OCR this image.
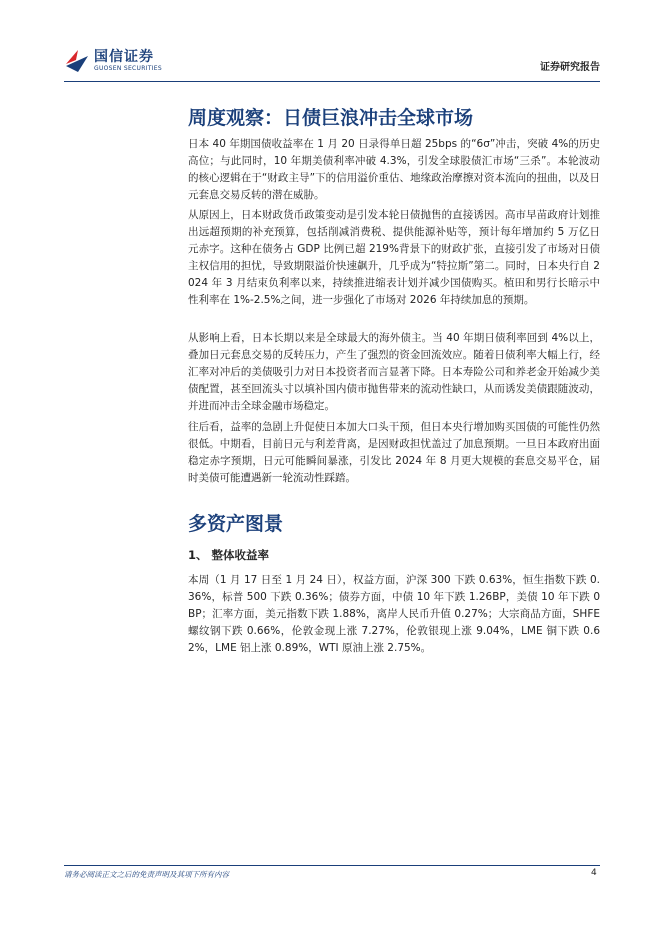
国信证券
GUOSEN SECURITIES	证券研究报告
周度观察：日债巨浪冲击全球市场

日本 40 年期国债收益率在 1 月 20 日录得单日超 25bps 的“6σ”冲击，突破 4%的历史高位；与此同时，10 年期美债利率冲破 4.3%，引发全球股债汇市场“三杀”。本轮波动的核心逻辑在于“财政主导”下的信用溢价重估、地缘政治摩擦对资本流向的扭曲，以及日元套息交易反转的潜在威胁。

从原因上，日本财政货币政策变动是引发本轮日债抛售的直接诱因。高市早苗政府计划推出远超预期的补充预算，包括削减消费税、提供能源补贴等，预计每年增加约 5 万亿日元赤字。这种在债务占 GDP 比例已超 219%背景下的财政扩张，直接引发了市场对日债主权信用的担忧，导致期限溢价快速飙升，几乎成为“特拉斯”第二。同时，日本央行自 2024 年 3 月结束负利率以来，持续推进缩表计划并减少国债购买。植田和男行长暗示中性利率在 1%-2.5%之间，进一步强化了市场对 2026 年持续加息的预期。

从影响上看，日本长期以来是全球最大的海外债主。当 40 年期日债利率回到 4%以上，叠加日元套息交易的反转压力，产生了强烈的资金回流效应。随着日债利率大幅上行，经汇率对冲后的美债吸引力对日本投资者而言显著下降。日本寿险公司和养老金开始减少美债配置，甚至回流头寸以填补国内债市抛售带来的流动性缺口，从而诱发美债跟随波动，并进而冲击全球金融市场稳定。

往后看，益率的急剧上升促使日本加大口头干预，但日本央行增加购买国债的可能性仍然很低。中期看，目前日元与利差背离，是因财政担忧盖过了加息预期。一旦日本政府出面稳定赤字预期，日元可能瞬间暴涨，引发比 2024 年 8 月更大规模的套息交易平仓，届时美债可能遭遇新一轮流动性踩踏。

多资产图景
1、 整体收益率

本周（1 月 17 日至 1 月 24 日），权益方面，沪深 300 下跌 0.63%，恒生指数下跌 0.36%，标普 500 下跌 0.36%；债券方面，中债 10 年下跌 1.26BP，美债 10 年下跌 0BP；汇率方面，美元指数下跌 1.88%，离岸人民币升值 0.27%；大宗商品方面，SHFE 螺纹钢下跌 0.66%，伦敦金现上涨 7.27%，伦敦银现上涨 9.04%，LME 铜下跌 0.62%，LME 铝上涨 0.89%，WTI 原油上涨 2.75%。

请务必阅读正文之后的免责声明及其项下所有内容	4
